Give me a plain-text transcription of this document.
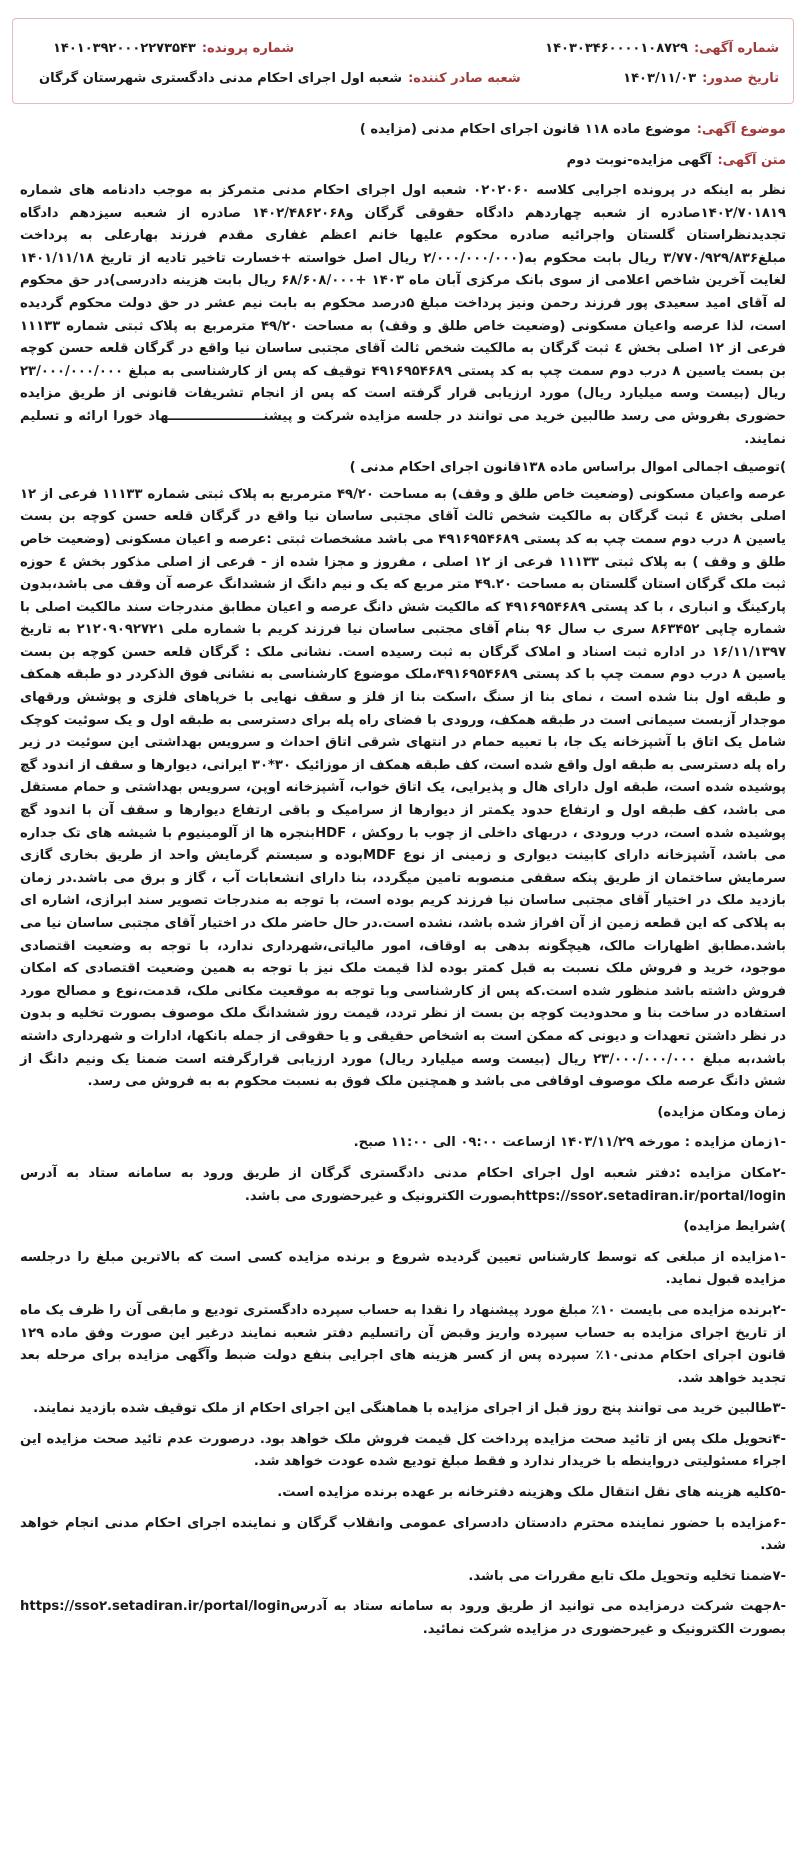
شماره آگهی:
۱۴۰۳۰۳۴۶۰۰۰۰۱۰۸۷۲۹
شماره پرونده:
۱۴۰۱۰۳۹۲۰۰۰۲۲۷۳۵۴۳
تاریخ صدور:
۱۴۰۳/۱۱/۰۳
شعبه صادر کننده:
شعبه اول اجرای احکام مدنی دادگستری شهرستان گرگان
موضوع آگهی:
موضوع ماده ۱۱۸ قانون اجرای احکام مدنی (مزایده )
متن آگهی:
آگهی مزایده-نوبت دوم

نظر به اینکه در پرونده اجرایی کلاسه ۰۲۰۲۰۶۰ شعبه اول اجرای احکام مدنی متمرکز به موجب دادنامه های شماره ۱۴۰۲/۷۰۱۸۱۹صادره از شعبه چهاردهم دادگاه حقوقی گرگان و۱۴۰۲/۴۸۶۲۰۶۸ صادره از شعبه سیزدهم دادگاه تجدیدنظراستان گلستان واجرائیه صادره محکوم علیها خانم اعظم غفاری مقدم فرزند بهارعلی به پرداخت مبلغ۳/۷۷۰/۹۲۹/۸۳۶ ریال بابت محکوم به(۲/۰۰۰/۰۰۰/۰۰۰ ریال اصل خواسته +خسارت تاخیر تادیه از تاریخ ۱۴۰۱/۱۱/۱۸ لغایت آخرین شاخص اعلامی از سوی بانک مرکزی آبان ماه ۱۴۰۳ +۶۸/۶۰۸/۰۰۰ ریال بابت هزینه دادرسی)در حق محکوم له آقای امید سعیدی پور فرزند رحمن ونیز پرداخت مبلغ ۵درصد محکوم به بابت نیم عشر در حق دولت محکوم گردیده است، لذا عرصه واعیان مسکونی (وضعیت خاص طلق و وقف) به مساحت ۴۹/۲۰ مترمربع به پلاک ثبتی شماره ۱۱۱۳۳ فرعی از ۱۲ اصلی بخش ٤ ثبت گرگان به مالکیت شخص ثالث آقای مجتبی ساسان نیا واقع در گرگان قلعه حسن کوچه بن بست یاسین ۸ درب دوم سمت چپ به کد پستی ۴۹۱۶۹۵۴۶۸۹ توقیف که پس از کارشناسی به مبلغ ۲۳/۰۰۰/۰۰۰/۰۰۰ ریال (بیست وسه میلیارد ریال) مورد ارزیابی قرار گرفته است که پس از انجام تشریفات قانونی از طریق مزایده حضوری بفروش می رسد طالبین خرید می توانند در جلسه مزایده شرکت و پیشنـــــــــــــــــــــهاد خورا ارائه و تسلیم نمایند.

)توصیف اجمالی اموال براساس ماده ۱۳۸قانون اجرای احکام مدنی )

عرصه واعیان مسکونی (وضعیت خاص طلق و وقف) به مساحت ۴۹/۲۰ مترمربع به پلاک ثبتی شماره ۱۱۱۳۳ فرعی از ۱۲ اصلی بخش ٤ ثبت گرگان به مالکیت شخص ثالث آقای مجتبی ساسان نیا واقع در گرگان قلعه حسن کوچه بن بست یاسین ۸ درب دوم سمت چپ به کد پستی ۴۹۱۶۹۵۴۶۸۹ می باشد مشخصات ثبتی :عرصه و اعیان مسکونی (وضعیت خاص طلق و وقف ) به پلاک ثبتی ۱۱۱۳۳ فرعی از ۱۲ اصلی ، مفروز و مجزا شده از - فرعی از اصلی مذکور بخش ٤ حوزه ثبت ملک گرگان استان گلستان به مساحت ۴۹.۲۰ متر مربع که یک و نیم دانگ از ششدانگ عرصه آن وقف می باشد،بدون پارکینگ و انباری ، با کد پستی ۴۹۱۶۹۵۴۶۸۹ که مالکیت شش دانگ عرصه و اعیان مطابق مندرجات سند مالکیت اصلی با شماره چاپی ۸۶۳۴۵۲ سری ب سال ۹۶ بنام آقای مجتبی ساسان نیا فرزند کریم با شماره ملی ۲۱۲۰۹۰۹۲۷۲۱ به تاریخ ۱۶/۱۱/۱۳۹۷ در اداره ثبت اسناد و املاک گرگان به ثبت رسیده است. نشانی ملک : گرگان قلعه حسن کوچه بن بست یاسین ۸ درب دوم سمت چپ با کد پستی ۴۹۱۶۹۵۴۶۸۹،ملک موضوع کارشناسی به نشانی فوق الذکردر دو طبقه همکف و طبقه اول بنا شده است ، نمای بنا از سنگ ،اسکت بنا از فلز و سقف نهایی با خرپاهای فلزی و پوشش ورقهای موجدار آزبست سیمانی است در طبقه همکف، ورودی با فضای راه پله برای دسترسی به طبقه اول و یک سوئیت کوچک شامل یک اتاق با آشپزخانه یک جا، با تعبیه حمام در انتهای شرقی اتاق احداث و سرویس بهداشتی این سوئیت در زیر راه پله دسترسی به طبقه اول واقع شده است، کف طبقه همکف از موزائیک ۳۰*۳۰ ایرانی، دیوارها و سقف از اندود گچ پوشیده شده است، طبقه اول دارای هال و پذیرایی، یک اتاق خواب، آشپزخانه اوپن، سرویس بهداشتی و حمام مستقل می باشد، کف طبقه اول و ارتفاع حدود یکمتر از دیوارها از سرامیک و باقی ارتفاع دیوارها و سقف آن با اندود گچ پوشیده شده است، درب ورودی ، دربهای داخلی از چوب با روکش ، HDFبنجره ها از آلومینیوم با شیشه های تک جداره می باشد، آشپزخانه دارای کابینت دیواری و زمینی از نوع MDFبوده و سیستم گرمایش واحد از طریق بخاری گازی سرمایش ساختمان از طریق پنکه سقفی منصوبه تامین میگردد، بنا دارای انشعابات آب ، گاز و برق می باشد.در زمان بازدید ملک در اختیار آقای مجتبی ساسان نیا فرزند کریم بوده است، با توجه به مندرجات تصویر سند ابرازی، اشاره ای به پلاکی که این قطعه زمین از آن افراز شده باشد، نشده است.در حال حاضر ملک در اختیار آقای مجتبی ساسان نیا می باشد.مطابق اظهارات مالک، هیچگونه بدهی به اوقاف، امور مالیاتی،شهرداری ندارد، با توجه به وضعیت اقتصادی موجود، خرید و فروش ملک نسبت به قبل کمتر بوده لذا قیمت ملک نیز با توجه به همین وضعیت اقتصادی که امکان فروش داشته باشد منظور شده است.که پس از کارشناسی وبا توجه به موقعیت مکانی ملک، قدمت،نوع و مصالح مورد استفاده در ساخت بنا و محدودیت کوچه بن بست از نظر تردد، قیمت روز ششدانگ ملک موصوف بصورت تخلیه و بدون در نظر داشتن تعهدات و دیونی که ممکن است به اشخاص حقیقی و یا حقوقی از جمله بانکها، ادارات و شهرداری داشته باشد،به مبلغ ۲۳/۰۰۰/۰۰۰/۰۰۰ ریال (بیست وسه میلیارد ریال) مورد ارزیابی قرارگرفته است ضمنا یک ونیم دانگ از شش دانگ عرصه ملک موصوف اوقافی می باشد و همچنین ملک فوق به نسبت محکوم به به فروش می رسد.

زمان ومکان مزایده)

-۱زمان مزایده : مورخه ۱۴۰۳/۱۱/۲۹ ازساعت ۰۹:۰۰ الی ۱۱:۰۰ صبح.

-۲مکان مزایده :دفتر شعبه اول اجرای احکام مدنی دادگستری گرگان از طریق ورود به سامانه ستاد به آدرس https://sso۲.setadiran.ir/portal/loginبصورت الکترونیک و غیرحضوری می باشد.

)شرایط مزایده)

-۱مزایده از مبلغی که توسط کارشناس تعیین گردیده شروع و برنده مزایده کسی است که بالاترین مبلغ را درجلسه مزایده قبول نماید.

-۲برنده مزایده می بایست ۱۰٪ مبلغ مورد پیشنهاد را نقدا به حساب سپرده دادگستری تودیع و مابقی آن را ظرف یک ماه از تاریخ اجرای مزایده به حساب سپرده واریز وقبض آن راتسلیم دفتر شعبه نمایند درغیر این صورت وفق ماده ۱۲۹ قانون اجرای احکام مدنی۱۰٪ سپرده پس از کسر هزینه های اجرایی بنفع دولت ضبط وآگهی مزایده برای مرحله بعد تجدید خواهد شد.

-۳طالبین خرید می توانند پنج روز قبل از اجرای مزایده با هماهنگی این اجرای احکام از ملک توقیف شده بازدید نمایند.

-۴تحویل ملک پس از تائید صحت مزایده پرداخت کل قیمت فروش ملک خواهد بود. درصورت عدم تائید صحت مزایده این اجراء مسئولیتی درواینطه با خریدار ندارد و فقط مبلغ تودیع شده عودت خواهد شد.

-۵کلیه هزینه های نقل انتقال ملک وهزینه دفترخانه بر عهده برنده مزایده است.

-۶مزایده با حضور نماینده محترم دادستان دادسرای عمومی وانقلاب گرگان و نماینده اجرای احکام مدنی انجام خواهد شد.

-۷ضمنا تخلیه وتحویل ملک تابع مقررات می باشد.

-۸جهت شرکت درمزایده می توانید از طریق ورود به سامانه ستاد به آدرسhttps://sso۲.setadiran.ir/portal/login بصورت الکترونیک و غیرحضوری در مزایده شرکت نمائید.
